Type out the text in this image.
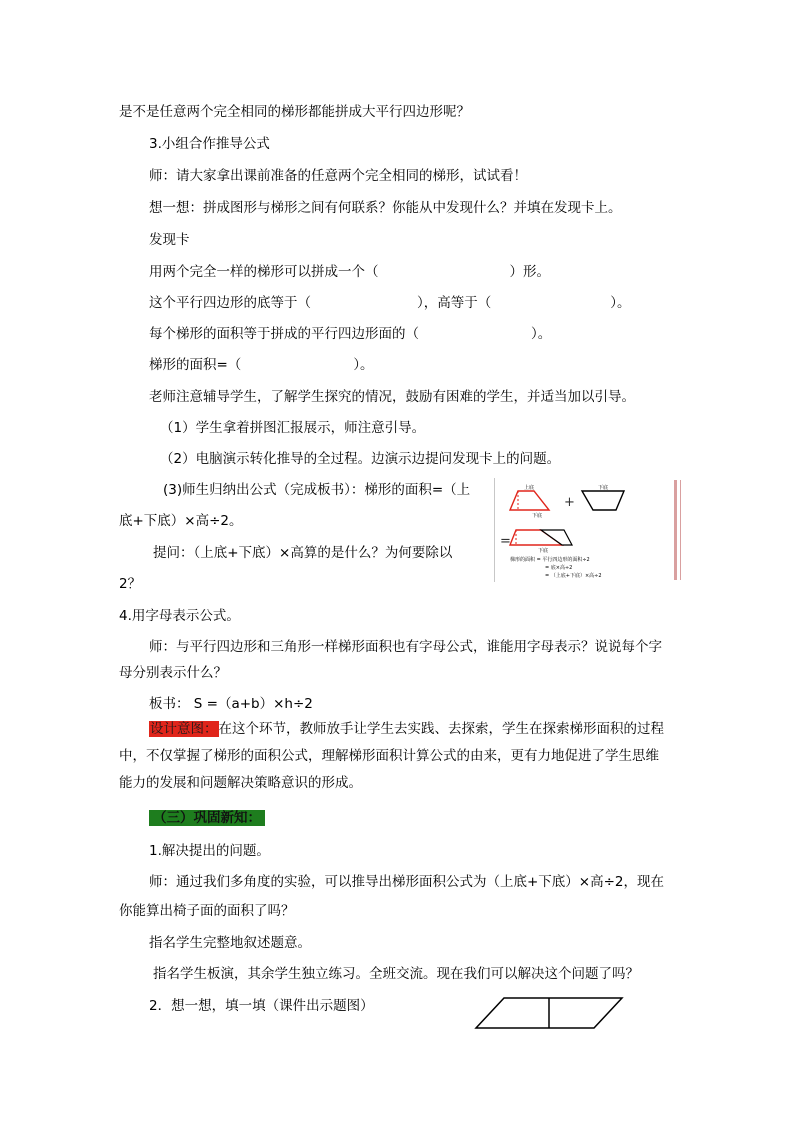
是不是任意两个完全相同的梯形都能拼成大平行四边形呢？
3.小组合作推导公式
师：请大家拿出课前准备的任意两个完全相同的梯形，试试看！
想一想：拼成图形与梯形之间有何联系？你能从中发现什么？并填在发现卡上。
发现卡
用两个完全一样的梯形可以拼成一个（	）形。
这个平行四边形的底等于（	），高等于（	）。
每个梯形的面积等于拼成的平行四边形面的（	）。
梯形的面积=（	）。
老师注意辅导学生，了解学生探究的情况，鼓励有困难的学生，并适当加以引导。
（1）学生拿着拼图汇报展示，师注意引导。
（2）电脑演示转化推导的全过程。边演示边提问发现卡上的问题。
(3)师生归纳出公式（完成板书）：梯形的面积=（上
底+下底）×高÷2。
提问：（上底+下底）×高算的是什么？为何要除以
2？
上底
下底
+
下底
=
下底
梯形的面积 = 平行四边形的面积÷2
= 底×高÷2
= （上底+下底）×高÷2
4.用字母表示公式。
师：与平行四边形和三角形一样梯形面积也有字母公式，谁能用字母表示？说说每个字
母分别表示什么？
板书： S =（a+b）×h÷2
设计意图：在这个环节，教师放手让学生去实践、去探索，学生在探索梯形面积的过程
中，不仅掌握了梯形的面积公式，理解梯形面积计算公式的由来，更有力地促进了学生思维
能力的发展和问题解决策略意识的形成。
（三）巩固新知：
1.解决提出的问题。
师：通过我们多角度的实验，可以推导出梯形面积公式为（上底+下底）×高÷2，现在
你能算出椅子面的面积了吗？
指名学生完整地叙述题意。
指名学生板演，其余学生独立练习。全班交流。现在我们可以解决这个问题了吗？
2．想一想，填一填（课件出示题图）
